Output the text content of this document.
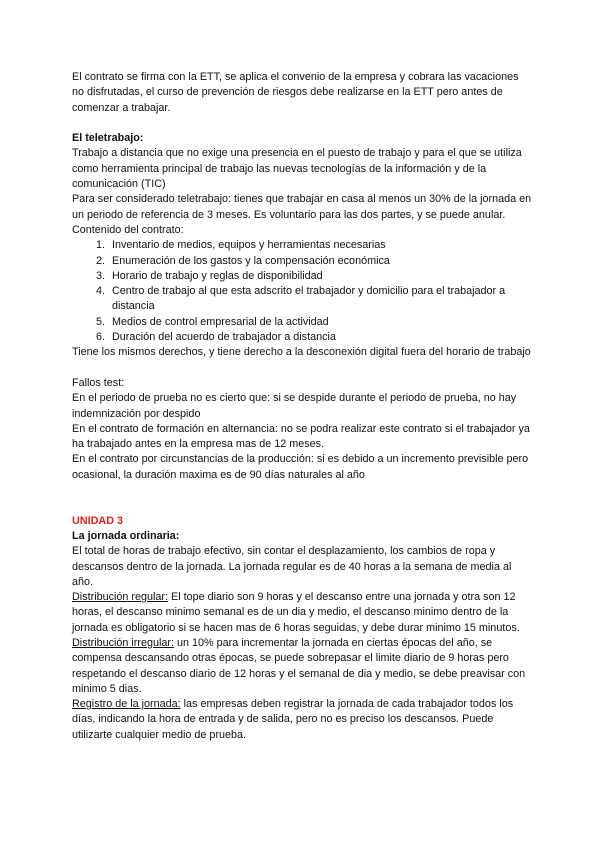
El contrato se firma con la ETT, se aplica el convenio de la empresa y cobrara las vacaciones no disfrutadas, el curso de prevención de riesgos debe realizarse en la ETT pero antes de comenzar a trabajar.

El teletrabajo:

Trabajo a distancia que no exige una presencia en el puesto de trabajo y para el que se utiliza como herramienta principal de trabajo las nuevas tecnologías de la información y de la comunicación (TIC)

Para ser considerado teletrabajo: tienes que trabajar en casa al menos un 30% de la jornada en un periodo de referencia de 3 meses. Es voluntario para las dos partes, y se puede anular.

Contenido del contrato:

1. Inventario de medios, equipos y herramientas necesarias
2. Enumeración de los gastos y la compensación económica
3. Horario de trabajo y reglas de disponibilidad
4. Centro de trabajo al que esta adscrito el trabajador y domicilio para el trabajador a distancia
5. Medios de control empresarial de la actividad
6. Duración del acuerdo de trabajador a distancia

Tiene los mismos derechos, y tiene derecho a la desconexión digital fuera del horario de trabajo

Fallos test:

En el periodo de prueba no es cierto que: si se despide durante el periodo de prueba, no hay indemnización por despido

En el contrato de formación en alternancia: no se podra realizar este contrato si el trabajador ya ha trabajado antes en la empresa mas de 12 meses.

En el contrato por circunstancias de la producción: si es debido a un incremento previsible pero ocasional, la duración maxima es de 90 días naturales al año

UNIDAD 3

La jornada ordinaria:

El total de horas de trabajo efectivo, sin contar el desplazamiento, los cambios de ropa y descansos dentro de la jornada. La jornada regular es de 40 horas a la semana de media al año.

Distribución regular: El tope diario son 9 horas y el descanso entre una jornada y otra son 12 horas, el descanso minimo semanal es de un dia y medio, el descanso minimo dentro de la jornada es obligatorio si se hacen mas de 6 horas seguidas, y debe durar minimo 15 minutos.

Distribución irregular: un 10% para incrementar la jornada en ciertas épocas del año, se compensa descansando otras épocas, se puede sobrepasar el limite diario de 9 horas pero respetando el descanso diario de 12 horas y el semanal de dia y medio, se debe preavisar con minimo 5 dias.

Registro de la jornada: las empresas deben registrar la jornada de cada trabajador todos los días, indicando la hora de entrada y de salida, pero no es preciso los descansos. Puede utilizarte cualquier medio de prueba.
